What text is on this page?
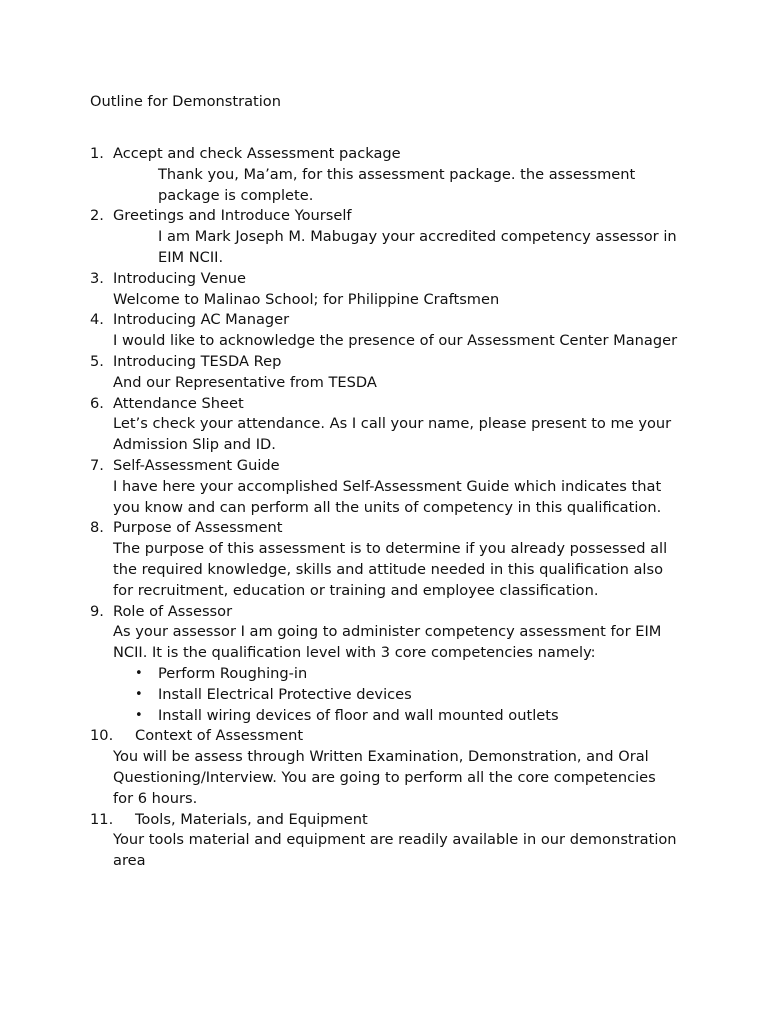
Outline for Demonstration
1. Accept and check Assessment package
Thank you, Ma’am, for this assessment package. the assessment package is complete.
2. Greetings and Introduce Yourself
I am Mark Joseph M. Mabugay your accredited competency assessor in EIM NCII.
3. Introducing Venue
Welcome to Malinao School; for Philippine Craftsmen
4. Introducing AC Manager
I would like to acknowledge the presence of our Assessment Center Manager
5. Introducing TESDA Rep
And our Representative from TESDA
6. Attendance Sheet
Let’s check your attendance. As I call your name, please present to me your Admission Slip and ID.
7. Self-Assessment Guide
I have here your accomplished Self-Assessment Guide which indicates that you know and can perform all the units of competency in this qualification.
8. Purpose of Assessment
The purpose of this assessment is to determine if you already possessed all the required knowledge, skills and attitude needed in this qualification also for recruitment, education or training and employee classification.
9. Role of Assessor
As your assessor I am going to administer competency assessment for EIM NCII. It is the qualification level with 3 core competencies namely:
• Perform Roughing-in
• Install Electrical Protective devices
• Install wiring devices of floor and wall mounted outlets
10. Context of Assessment
You will be assess through Written Examination, Demonstration, and Oral Questioning/Interview. You are going to perform all the core competencies for 6 hours.
11. Tools, Materials, and Equipment
Your tools material and equipment are readily available in our demonstration area
